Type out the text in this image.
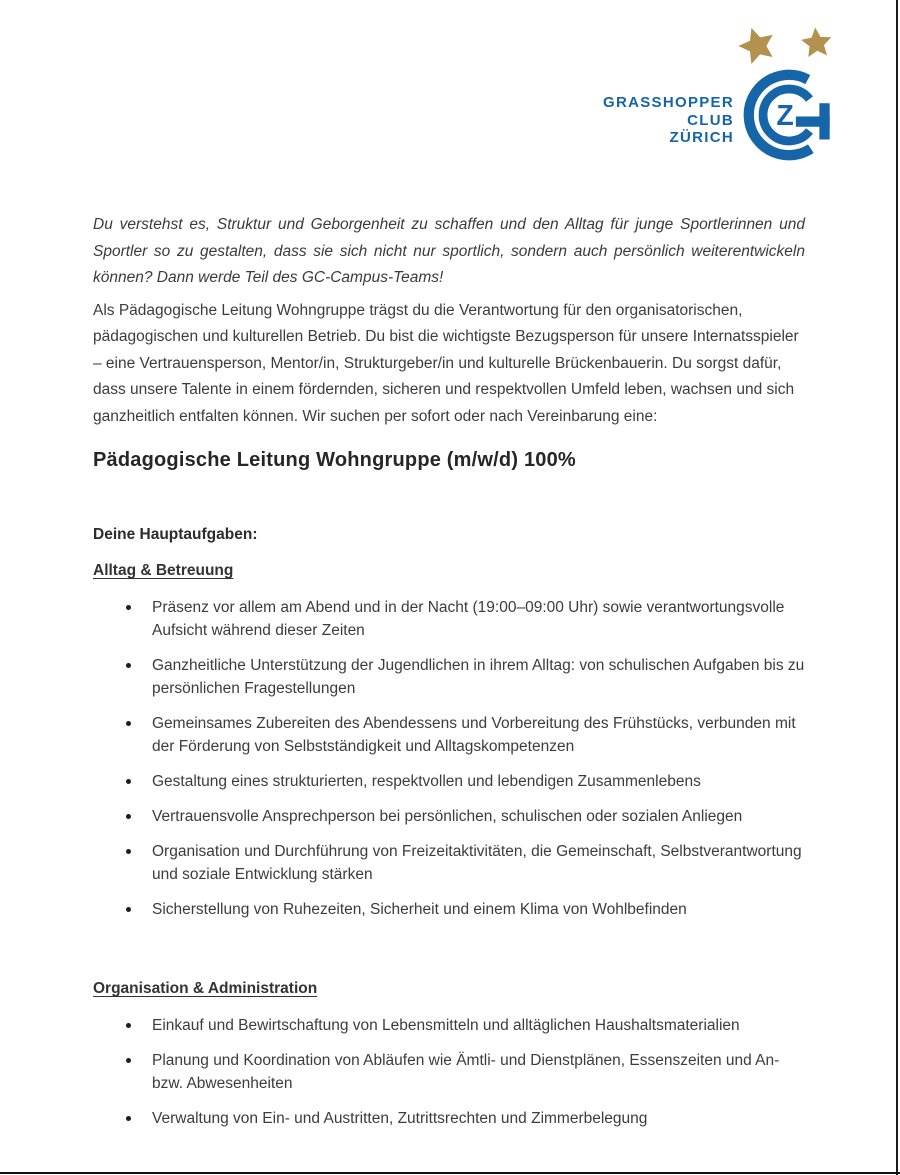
GRASSHOPPER
CLUB
ZÜRICH
Z

Du verstehst es, Struktur und Geborgenheit zu schaffen und den Alltag für junge Sportlerinnen und Sportler so zu gestalten, dass sie sich nicht nur sportlich, sondern auch persönlich weiterentwickeln können? Dann werde Teil des GC-Campus-Teams!

Als Pädagogische Leitung Wohngruppe trägst du die Verantwortung für den organisatorischen, pädagogischen und kulturellen Betrieb. Du bist die wichtigste Bezugsperson für unsere Internatsspieler – eine Vertrauensperson, Mentor/in, Strukturgeber/in und kulturelle Brückenbauerin. Du sorgst dafür, dass unsere Talente in einem fördernden, sicheren und respektvollen Umfeld leben, wachsen und sich ganzheitlich entfalten können. Wir suchen per sofort oder nach Vereinbarung eine:

Pädagogische Leitung Wohngruppe (m/w/d) 100%
Deine Hauptaufgaben:
Alltag & Betreuung
Präsenz vor allem am Abend und in der Nacht (19:00–09:00 Uhr) sowie verantwortungsvolle Aufsicht während dieser Zeiten
Ganzheitliche Unterstützung der Jugendlichen in ihrem Alltag: von schulischen Aufgaben bis zu persönlichen Fragestellungen
Gemeinsames Zubereiten des Abendessens und Vorbereitung des Frühstücks, verbunden mit der Förderung von Selbstständigkeit und Alltagskompetenzen
Gestaltung eines strukturierten, respektvollen und lebendigen Zusammenlebens
Vertrauensvolle Ansprechperson bei persönlichen, schulischen oder sozialen Anliegen
Organisation und Durchführung von Freizeitaktivitäten, die Gemeinschaft, Selbstverantwortung und soziale Entwicklung stärken
Sicherstellung von Ruhezeiten, Sicherheit und einem Klima von Wohlbefinden
Organisation & Administration
Einkauf und Bewirtschaftung von Lebensmitteln und alltäglichen Haushaltsmaterialien
Planung und Koordination von Abläufen wie Ämtli- und Dienstplänen, Essenszeiten und An- bzw. Abwesenheiten
Verwaltung von Ein- und Austritten, Zutrittsrechten und Zimmerbelegung
